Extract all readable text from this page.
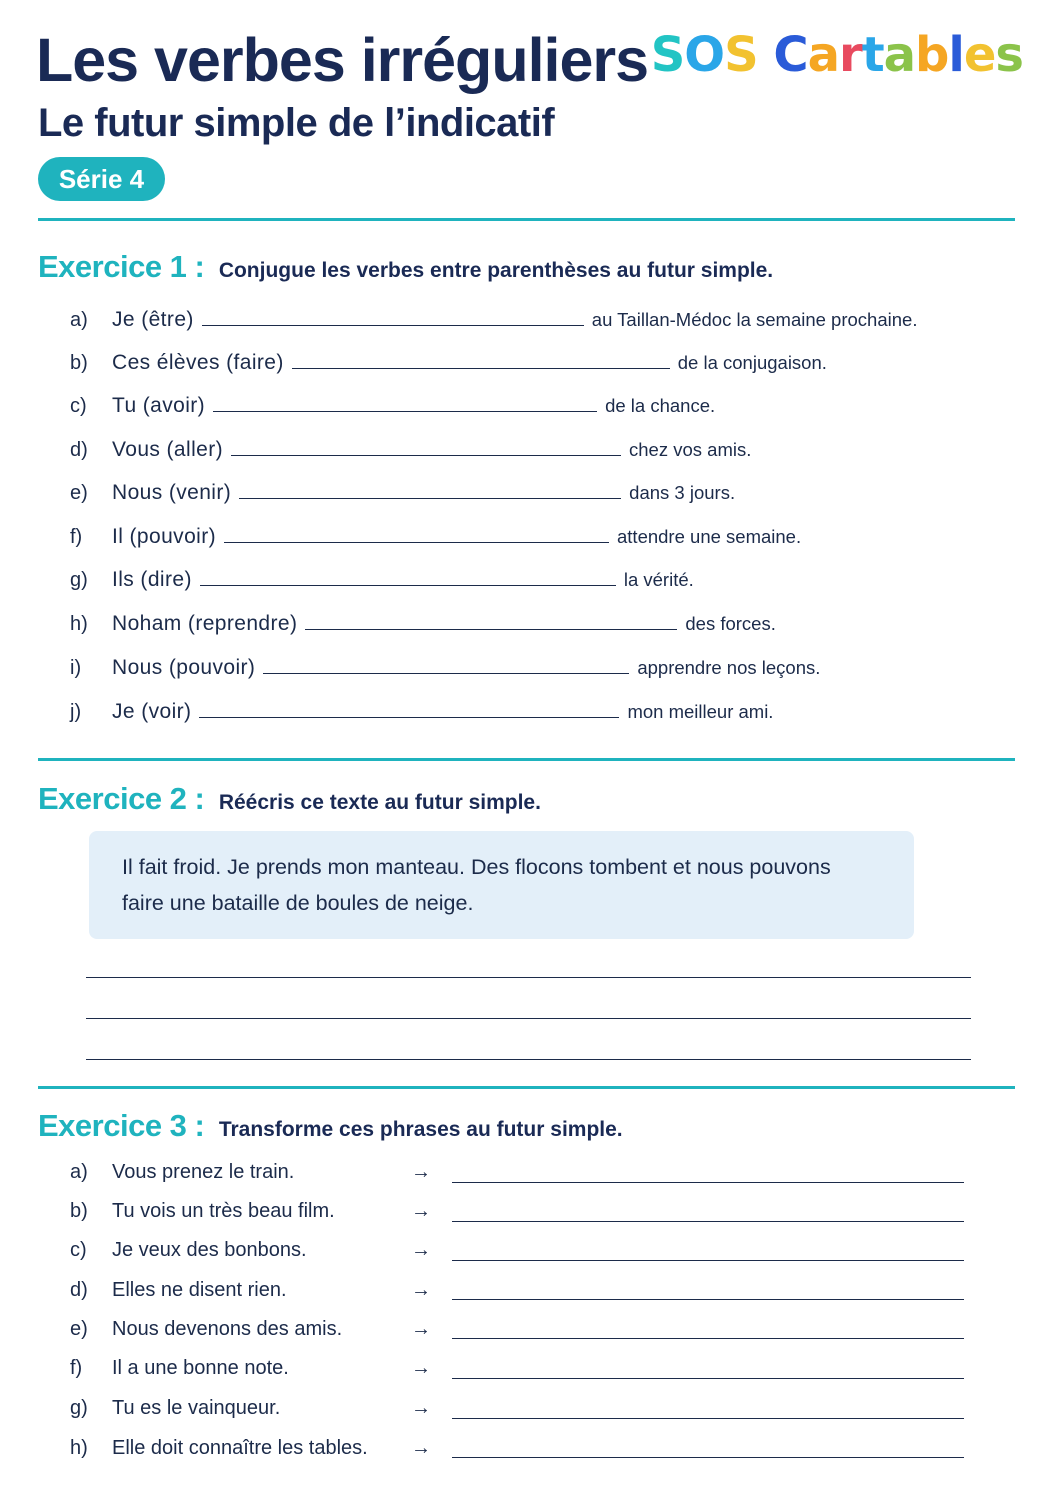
Les verbes irréguliers
Le futur simple de l’indicatif
Série 4
SOS Cartables
Exercice 1 : Conjugue les verbes entre parenthèses au futur simple.
a)	Je (être)	au Taillan-Médoc la semaine prochaine.
b)	Ces élèves (faire)	de la conjugaison.
c)	Tu (avoir)	de la chance.
d)	Vous (aller)	chez vos amis.
e)	Nous (venir)	dans 3 jours.
f)	Il (pouvoir)	attendre une semaine.
g)	Ils (dire)	la vérité.
h)	Noham (reprendre)	des forces.
i)	Nous (pouvoir)	apprendre nos leçons.
j)	Je (voir)	mon meilleur ami.
Exercice 2 : Réécris ce texte au futur simple.
Il fait froid. Je prends mon manteau. Des flocons tombent et nous pouvons
faire une bataille de boules de neige.
Exercice 3 : Transforme ces phrases au futur simple.
a) Vous prenez le train.	→
b) Tu vois un très beau film.	→
c) Je veux des bonbons.	→
d) Elles ne disent rien.	→
e) Nous devenons des amis.	→
f) Il a une bonne note.	→
g) Tu es le vainqueur.	→
h) Elle doit connaître les tables. →
